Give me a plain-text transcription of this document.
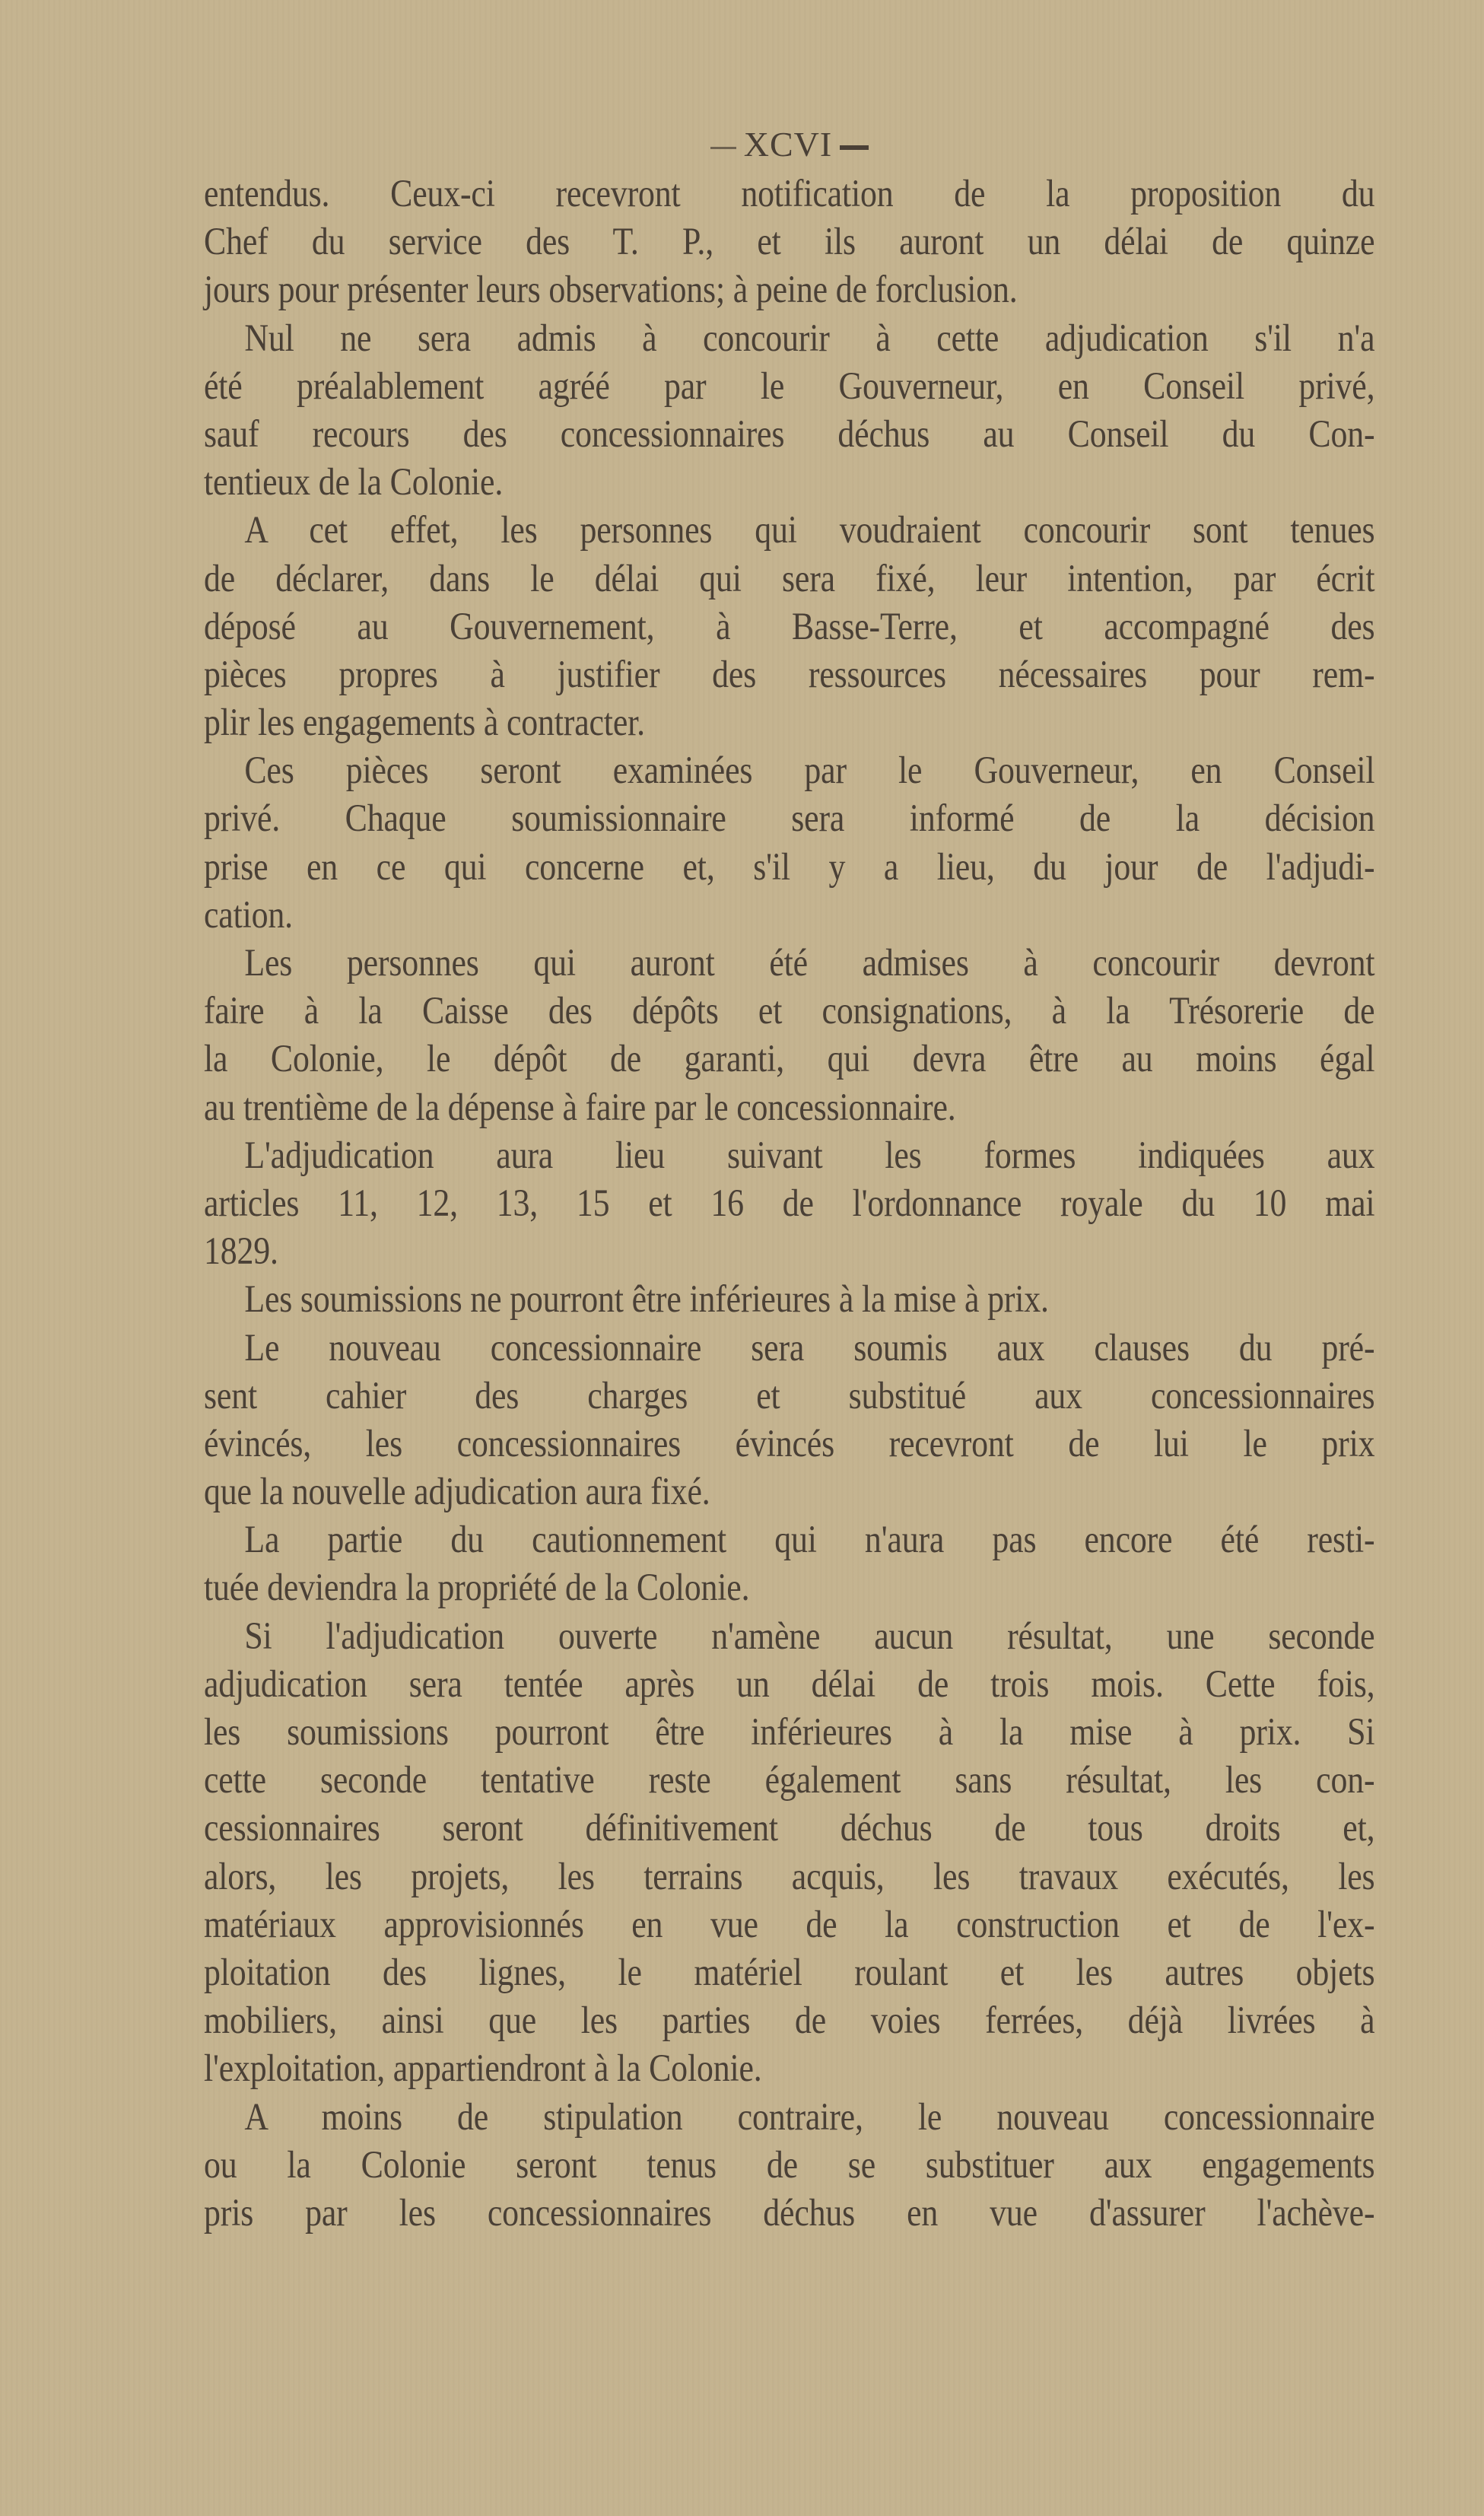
XCVI
entendus. Ceux-ci recevront notification de la proposition du
Chef du service des T. P., et ils auront un délai de quinze
jours pour présenter leurs observations; à peine de forclusion.
Nul ne sera admis à concourir à cette adjudication s'il n'a
été préalablement agréé par le Gouverneur, en Conseil privé,
sauf recours des concessionnaires déchus au Conseil du Con-
tentieux de la Colonie.
A cet effet, les personnes qui voudraient concourir sont tenues
de déclarer, dans le délai qui sera fixé, leur intention, par écrit
déposé au Gouvernement, à Basse-Terre, et accompagné des
pièces propres à justifier des ressources nécessaires pour rem-
plir les engagements à contracter.
Ces pièces seront examinées par le Gouverneur, en Conseil
privé. Chaque soumissionnaire sera informé de la décision
prise en ce qui concerne et, s'il y a lieu, du jour de l'adjudi-
cation.
Les personnes qui auront été admises à concourir devront
faire à la Caisse des dépôts et consignations, à la Trésorerie de
la Colonie, le dépôt de garanti, qui devra être au moins égal
au trentième de la dépense à faire par le concessionnaire.
L'adjudication aura lieu suivant les formes indiquées aux
articles 11, 12, 13, 15 et 16 de l'ordonnance royale du 10 mai
1829.
Les soumissions ne pourront être inférieures à la mise à prix.
Le nouveau concessionnaire sera soumis aux clauses du pré-
sent cahier des charges et substitué aux concessionnaires
évincés, les concessionnaires évincés recevront de lui le prix
que la nouvelle adjudication aura fixé.
La partie du cautionnement qui n'aura pas encore été resti-
tuée deviendra la propriété de la Colonie.
Si l'adjudication ouverte n'amène aucun résultat, une seconde
adjudication sera tentée après un délai de trois mois. Cette fois,
les soumissions pourront être inférieures à la mise à prix. Si
cette seconde tentative reste également sans résultat, les con-
cessionnaires seront définitivement déchus de tous droits et,
alors, les projets, les terrains acquis, les travaux exécutés, les
matériaux approvisionnés en vue de la construction et de l'ex-
ploitation des lignes, le matériel roulant et les autres objets
mobiliers, ainsi que les parties de voies ferrées, déjà livrées à
l'exploitation, appartiendront à la Colonie.
A moins de stipulation contraire, le nouveau concessionnaire
ou la Colonie seront tenus de se substituer aux engagements
pris par les concessionnaires déchus en vue d'assurer l'achève-
